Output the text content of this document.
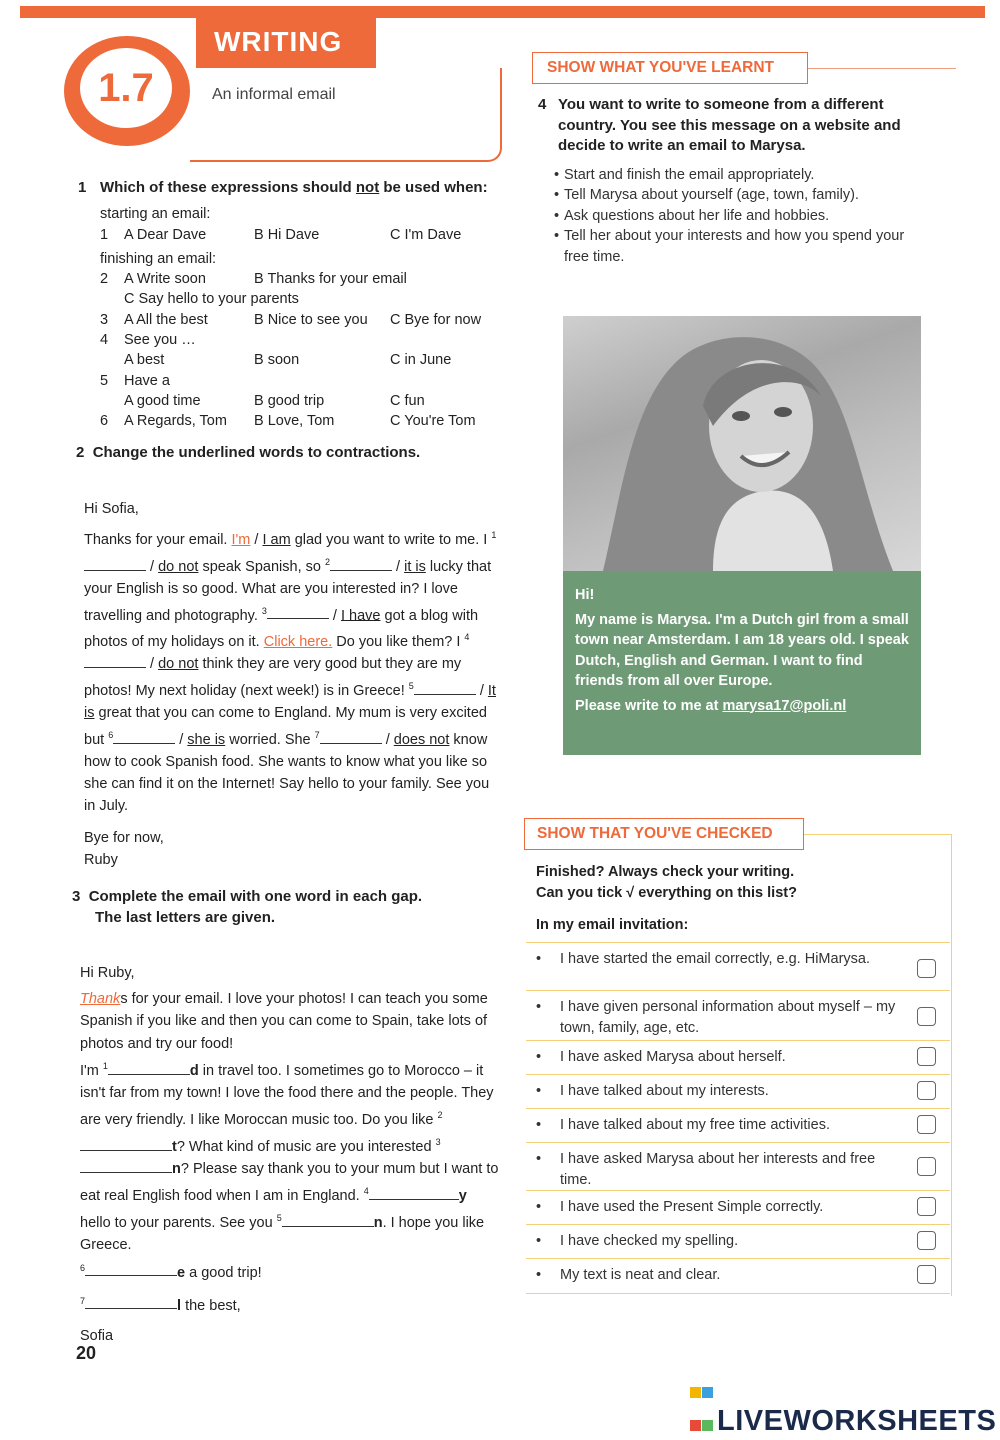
WRITING
1.7	An informal email
1 Which of these expressions should not be used when:
starting an email:
1 A Dear Dave	B Hi Dave	C I'm Dave
finishing an email:
2 A Write soon	B Thanks for your email
C Say hello to your parents
3 A All the best	B Nice to see you C Bye for now
4 See you …
A best	B soon	C in June
5 Have a
A good time	B good trip	C fun
6 A Regards, Tom B Love, Tom	C You're Tom
2 Change the underlined words to contractions.
Hi Sofia,
Thanks for your email. I'm / I am glad you want to write to me. I $^1$ / do not speak Spanish, so $^2$	/ it is lucky that your English is so good. What are you interested in? I love travelling and photography. $^3$	/ I have got a blog with photos of my holidays on it. Click here. Do you like them? I $^4$ / do not think they are very good but they are my photos! My next holiday (next week!) is in Greece! $^5$	/ It is great that you can come to England. My mum is very excited but $^6$	/ she is worried. She $^7$	/ does not know how to cook Spanish food. She wants to know what you like so she can find it on the Internet! Say hello to your family. See you in July.
Bye for now,
Ruby
3 Complete the email with one word in each gap.
The last letters are given.
Hi Ruby,
Thanks for your email. I love your photos! I can teach you some Spanish if you like and then you can come to Spain, take lots of photos and try our food!
I'm $^1$	d in travel too. I sometimes go to Morocco – it isn't far from my town! I love the food there and the people. They are very friendly. I like Moroccan music too. Do you like $^2$t? What kind of music are you interested $^3$n? Please say thank you to your mum but I want to eat real English food when I am in England. $^4$	y hello to your parents. See you $^5$	n. I hope you like Greece.
$^6$	e a good trip!
$^7$	l the best,
Sofia
20
SHOW WHAT YOU'VE LEARNT
4 You want to write to someone from a different country. You see this message on a website and decide to write an email to Marysa.
• Start and finish the email appropriately.
• Tell Marysa about yourself (age, town, family).
• Ask questions about her life and hobbies.
• Tell her about your interests and how you spend your free time.
Hi!
My name is Marysa. I'm a Dutch girl from a small town near Amsterdam. I am 18 years old. I speak Dutch, English and German. I want to find friends from all over Europe.
Please write to me at marysa17@poli.nl
SHOW THAT YOU'VE CHECKED
Finished? Always check your writing.
Can you tick √ everything on this list?
In my email invitation:
• I have started the email correctly, e.g. HiMarysa.
• I have given personal information about myself – my town, family, age, etc.
• I have asked Marysa about herself.
• I have talked about my interests.
• I have talked about my free time activities.
• I have asked Marysa about her interests and free time.
• I have used the Present Simple correctly.
• I have checked my spelling.
• My text is neat and clear.
LIVEWORKSHEETS
